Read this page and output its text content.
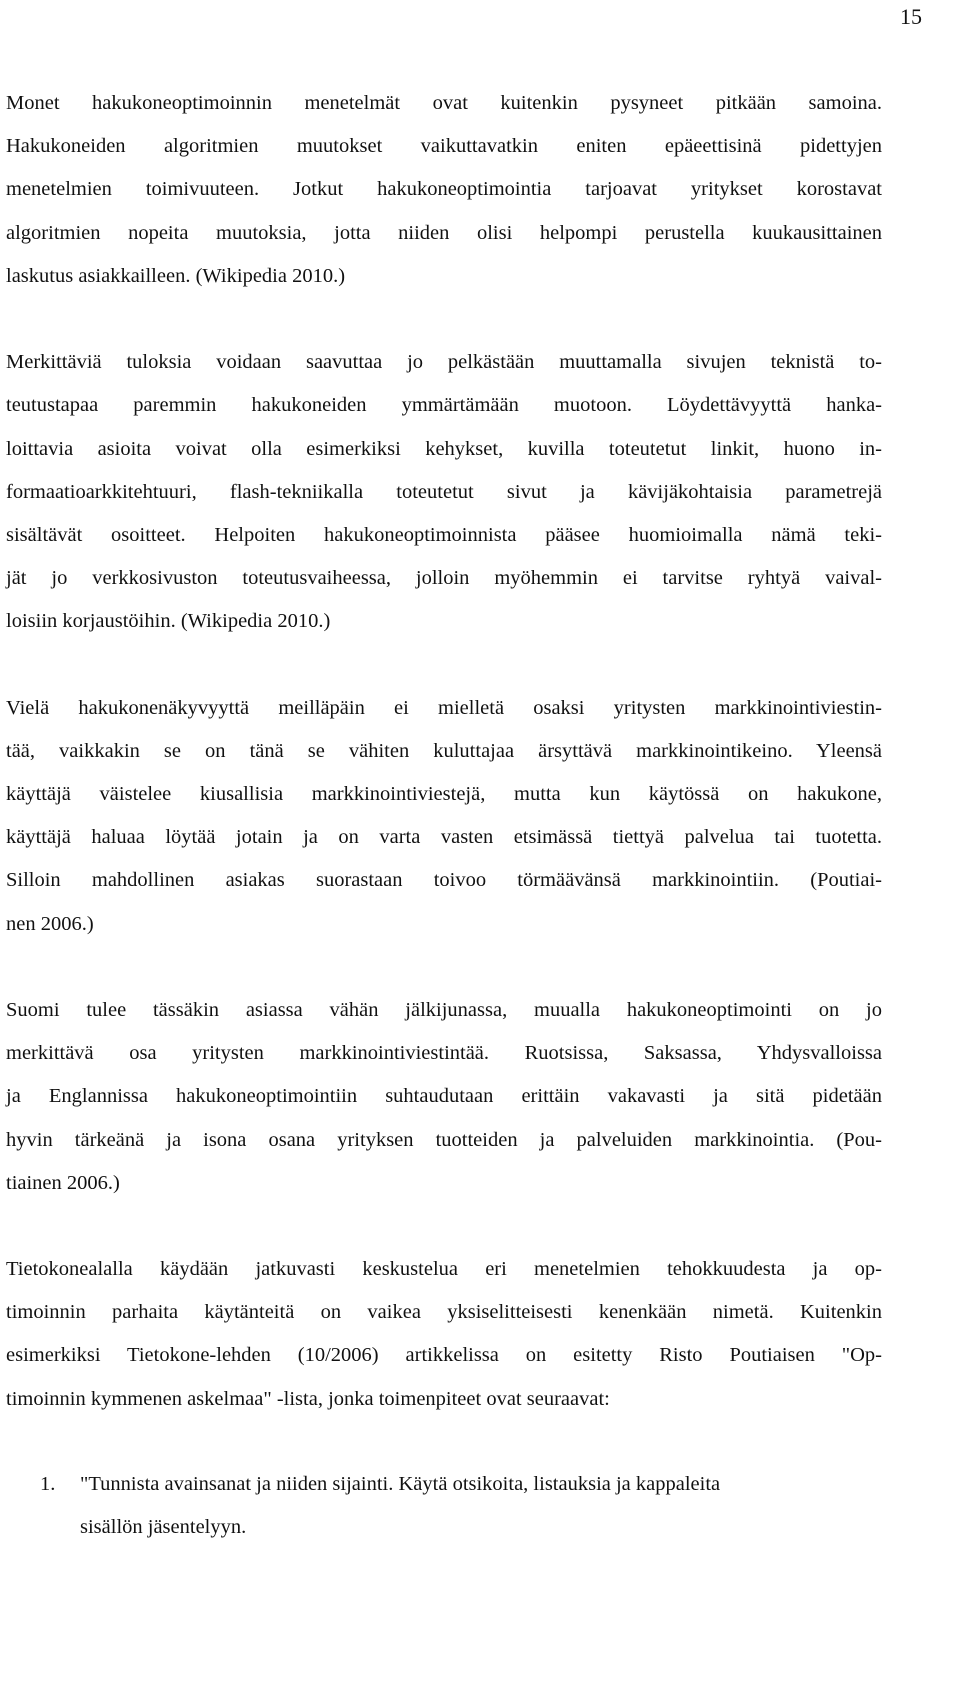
15
Monet hakukoneoptimoinnin menetelmät ovat kuitenkin pysyneet pitkään samoina.
Hakukoneiden algoritmien muutokset vaikuttavatkin eniten epäeettisinä pidettyjen
menetelmien toimivuuteen. Jotkut hakukoneoptimointia tarjoavat yritykset korostavat
algoritmien nopeita muutoksia, jotta niiden olisi helpompi perustella kuukausittainen
laskutus asiakkailleen. (Wikipedia 2010.)
Merkittäviä tuloksia voidaan saavuttaa jo pelkästään muuttamalla sivujen teknistä to-
teutustapaa paremmin hakukoneiden ymmärtämään muotoon. Löydettävyyttä hanka-
loittavia asioita voivat olla esimerkiksi kehykset, kuvilla toteutetut linkit, huono in-
formaatioarkkitehtuuri, flash-tekniikalla toteutetut sivut ja kävijäkohtaisia parametrejä
sisältävät osoitteet. Helpoiten hakukoneoptimoinnista pääsee huomioimalla nämä teki-
jät jo verkkosivuston toteutusvaiheessa, jolloin myöhemmin ei tarvitse ryhtyä vaival-
loisiin korjaustöihin. (Wikipedia 2010.)
Vielä hakukonenäkyvyyttä meilläpäin ei mielletä osaksi yritysten markkinointiviestin-
tää, vaikkakin se on tänä se vähiten kuluttajaa ärsyttävä markkinointikeino. Yleensä
käyttäjä väistelee kiusallisia markkinointiviestejä, mutta kun käytössä on hakukone,
käyttäjä haluaa löytää jotain ja on varta vasten etsimässä tiettyä palvelua tai tuotetta.
Silloin mahdollinen asiakas suorastaan toivoo törmäävänsä markkinointiin. (Poutiai-
nen 2006.)
Suomi tulee tässäkin asiassa vähän jälkijunassa, muualla hakukoneoptimointi on jo
merkittävä osa yritysten markkinointiviestintää. Ruotsissa, Saksassa, Yhdysvalloissa
ja Englannissa hakukoneoptimointiin suhtaudutaan erittäin vakavasti ja sitä pidetään
hyvin tärkeänä ja isona osana yrityksen tuotteiden ja palveluiden markkinointia. (Pou-
tiainen 2006.)
Tietokonealalla käydään jatkuvasti keskustelua eri menetelmien tehokkuudesta ja op-
timoinnin parhaita käytänteitä on vaikea yksiselitteisesti kenenkään nimetä. Kuitenkin
esimerkiksi Tietokone-lehden (10/2006) artikkelissa on esitetty Risto Poutiaisen "Op-
timoinnin kymmenen askelmaa" -lista, jonka toimenpiteet ovat seuraavat:
1. "Tunnista avainsanat ja niiden sijainti. Käytä otsikoita, listauksia ja kappaleita
sisällön jäsentelyyn.
